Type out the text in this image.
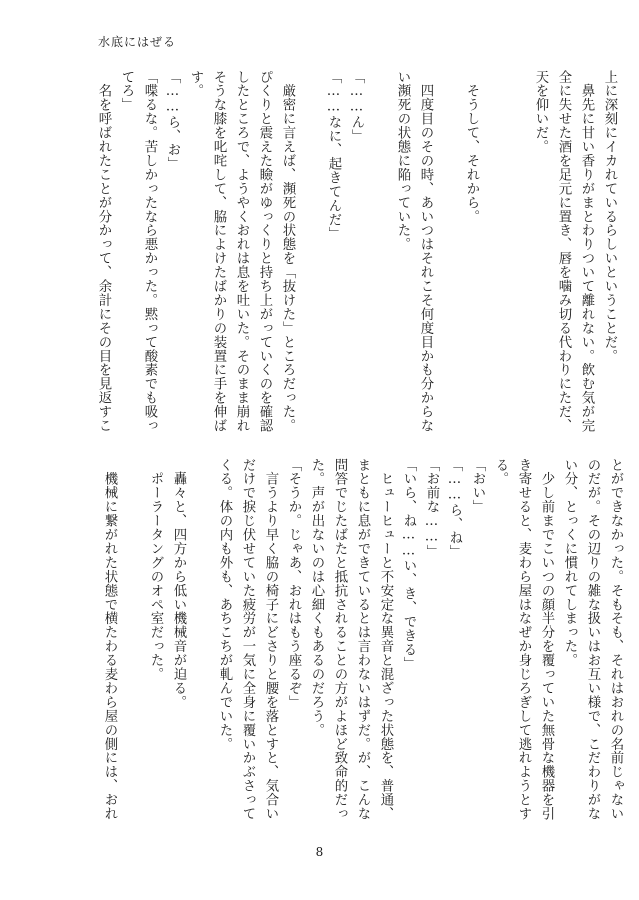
水底にはぜる
上に深刻にイカれているらしいということだ。
　鼻先に甘い香りがまとわりついて離れない。飲む気が完
全に失せた酒を足元に置き、唇を噛み切る代わりにただ、
天を仰いだ。
　そうして、それから。
　四度目のその時、あいつはそれこそ何度目かも分からな
い瀕死の状態に陥っていた。
「……ん」
「……なに、起きてんだ」
　厳密に言えば、瀕死の状態を「抜けた」ところだった。
ぴくりと震えた瞼がゆっくりと持ち上がっていくのを確認
したところで、ようやくおれは息を吐いた。そのまま崩れ
そうな膝を叱咤して、脇によけたばかりの装置に手を伸ば
す。
「……ら、お」
「喋るな。苦しかったなら悪かった。黙って酸素でも吸っ
てろ」
　名を呼ばれたことが分かって、余計にその目を見返すこ
とができなかった。そもそも、それはおれの名前じゃない
のだが。その辺りの雑な扱いはお互い様で、こだわりがな
い分、とっくに慣れてしまった。
　少し前までこいつの顔半分を覆っていた無骨な機器を引
き寄せると、麦わら屋はなぜか身じろぎして逃れようとす
る。
「おい」
「……ら、ね」
「お前な……」
「いら、ね……い、き、できる」
　ヒューヒューと不安定な異音と混ざった状態を、普通、
まともに息ができているとは言わないはずだ。が、こんな
問答でじたばたと抵抗されることの方がよほど致命的だっ
た。声が出ないのは心細くもあるのだろう。
「そうか。じゃあ、おれはもう座るぞ」
　言うより早く脇の椅子にどさりと腰を落とすと、気合い
だけで捩じ伏せていた疲労が一気に全身に覆いかぶさって
くる。体の内も外も、あちこちが軋んでいた。
　轟々と、四方から低い機械音が迫る。
　ポーラータングのオペ室だった。
　機械に繋がれた状態で横たわる麦わら屋の側には、おれ
8
